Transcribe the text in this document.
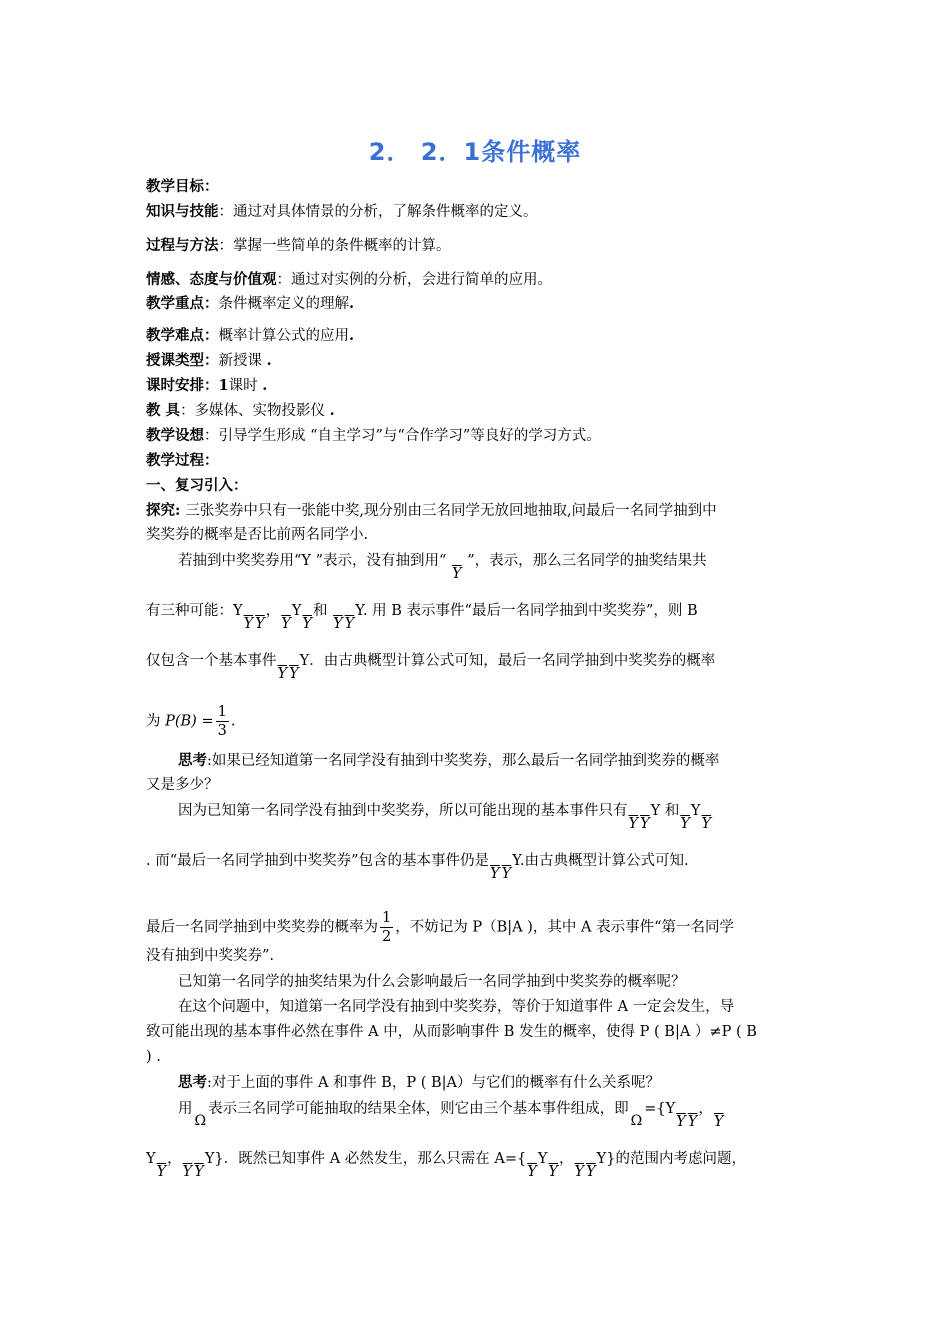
2． 2．1条件概率
教学目标：
知识与技能：通过对具体情景的分析，了解条件概率的定义。
过程与方法：掌握一些简单的条件概率的计算。
情感、态度与价值观：通过对实例的分析，会进行简单的应用。
教学重点：条件概率定义的理解.
教学难点：概率计算公式的应用.
授课类型：新授课 .
课时安排：1课时 .
教 具：多媒体、实物投影仪 .
教学设想：引导学生形成 “自主学习”与“合作学习”等良好的学习方式。
教学过程：
一、复习引入：
探究: 三张奖券中只有一张能中奖,现分别由三名同学无放回地抽取,问最后一名同学抽到中
奖奖券的概率是否比前两名同学小.
若抽到中奖奖券用“Y ”表示，没有抽到用“ $\overline{Y}$ ”，表示，那么三名同学的抽奖结果共
有三种可能：$Y\overline{Y}$ $\overline{Y}$，$\overline{Y}Y\overline{Y}$和 $\overline{Y}$ $\overline{Y}Y$. 用 B 表示事件“最后一名同学抽到中奖奖券”，则 B
仅包含一个基本事件$\overline{Y}$ $\overline{Y}Y$．由古典概型计算公式可知，最后一名同学抽到中奖奖券的概率
为 $P(B) = \frac{1}{3}$ .
思考:如果已经知道第一名同学没有抽到中奖奖券，那么最后一名同学抽到奖券的概率
又是多少？
因为已知第一名同学没有抽到中奖奖券，所以可能出现的基本事件只有$\overline{Y}$ $\overline{Y}Y$ 和$\overline{Y}Y\overline{Y}$
. 而“最后一名同学抽到中奖奖券”包含的基本事件仍是$\overline{Y}$ $\overline{Y}Y$.由古典概型计算公式可知.
最后一名同学抽到中奖奖券的概率为 $\frac{1}{2}$ ，不妨记为 P（B|A )，其中 A 表示事件“第一名同学
没有抽到中奖奖券”.
已知第一名同学的抽奖结果为什么会影响最后一名同学抽到中奖奖券的概率呢？
在这个问题中，知道第一名同学没有抽到中奖奖券，等价于知道事件 A 一定会发生，导
致可能出现的基本事件必然在事件 A 中，从而影响事件 B 发生的概率，使得 P ( B|A ）≠P ( B
) .
思考:对于上面的事件 A 和事件 B，P ( B|A）与它们的概率有什么关系呢？
用Ω表示三名同学可能抽取的结果全体，则它由三个基本事件组成，即$\Omega=\{Y\overline{Y}$ $\overline{Y}$，$\overline{Y}$
$Y\overline{Y}$，$\overline{Y}$ $\overline{Y}Y$}．既然已知事件 A 必然发生，那么只需在 $A=\{\overline{Y}Y\overline{Y}$，$\overline{Y}$ $\overline{Y}Y$}的范围内考虑问题，
